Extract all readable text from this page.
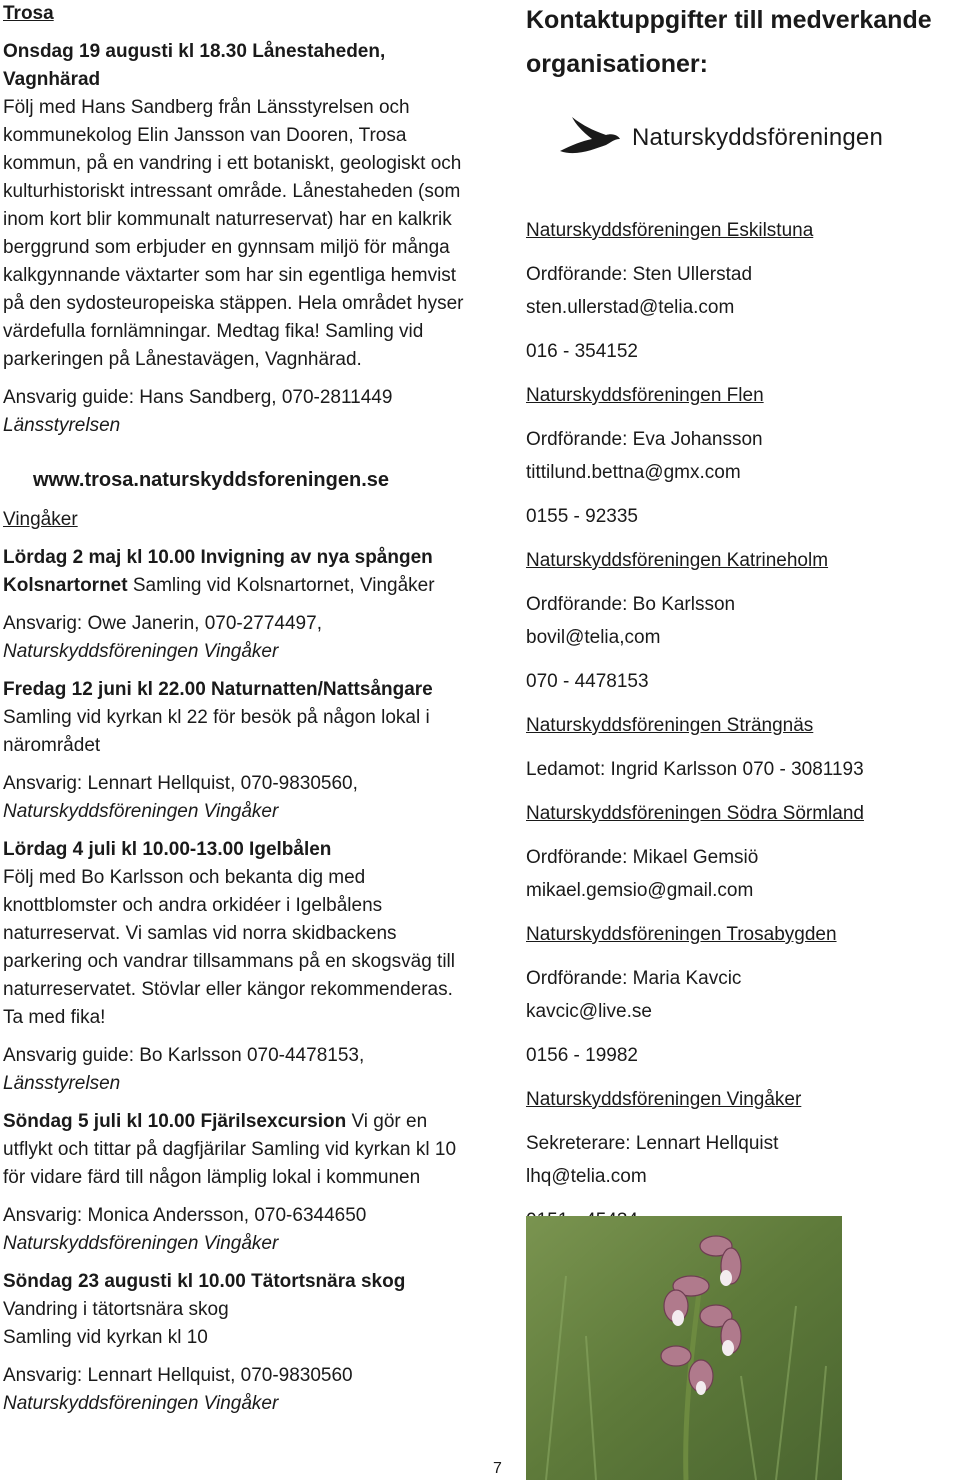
Trosa

Onsdag 19 augusti kl 18.30 Lånestaheden, Vagnhärad

Följ med Hans Sandberg från Länsstyrelsen och kommunekolog Elin Jansson van Dooren, Trosa kommun, på en vandring i ett botaniskt, geologiskt och kulturhistoriskt intressant område. Lånestaheden (som inom kort blir kommunalt naturreservat) har en kalkrik berggrund som erbjuder en gynnsam miljö för många kalkgynnande växtarter som har sin egentliga hemvist på den sydosteuropeiska stäppen. Hela området hyser värdefulla fornlämningar. Medtag fika! Samling vid parkeringen på Lånestavägen, Vagnhärad.

Ansvarig guide: Hans Sandberg, 070-2811449

Länsstyrelsen

www.trosa.naturskyddsforeningen.se

Vingåker

Lördag 2 maj kl 10.00 Invigning av nya spången Kolsnartornet Samling vid Kolsnartornet, Vingåker

Ansvarig: Owe Janerin, 070-2774497,

Naturskyddsföreningen Vingåker

Fredag 12 juni kl 22.00 Naturnatten/Nattsångare

Samling vid kyrkan kl 22 för besök på någon lokal i närområdet

Ansvarig: Lennart Hellquist, 070-9830560,

Naturskyddsföreningen Vingåker

Lördag 4 juli kl 10.00-13.00 Igelbålen

Följ med Bo Karlsson och bekanta dig med knottblomster och andra orkidéer i Igelbålens naturreservat. Vi samlas vid norra skidbackens parkering och vandrar tillsammans på en skogsväg till naturreservatet. Stövlar eller kängor rekommenderas. Ta med fika!

Ansvarig guide: Bo Karlsson 070-4478153,

Länsstyrelsen

Söndag 5 juli kl 10.00 Fjärilsexcursion Vi gör en utflykt och tittar på dagfjärilar Samling vid kyrkan kl 10 för vidare färd till någon lämplig lokal i kommunen

Ansvarig: Monica Andersson, 070-6344650

Naturskyddsföreningen Vingåker

Söndag 23 augusti kl 10.00 Tätortsnära skog

Vandring i tätortsnära skog

Samling vid kyrkan kl 10

Ansvarig: Lennart Hellquist, 070-9830560

Naturskyddsföreningen Vingåker

Kontaktuppgifter till medverkande
organisationer:
Naturskyddsföreningen
Naturskyddsföreningen Eskilstuna
Ordförande: Sten Ullerstad
sten.ullerstad@telia.com
016 - 354152
Naturskyddsföreningen Flen
Ordförande: Eva Johansson
tittilund.bettna@gmx.com
0155 - 92335
Naturskyddsföreningen Katrineholm
Ordförande: Bo Karlsson
bovil@telia,com
070 - 4478153
Naturskyddsföreningen Strängnäs
Ledamot: Ingrid Karlsson 070 - 3081193
Naturskyddsföreningen Södra Sörmland
Ordförande: Mikael Gemsiö
mikael.gemsio@gmail.com
Naturskyddsföreningen Trosabygden
Ordförande: Maria Kavcic
kavcic@live.se
0156 - 19982
Naturskyddsföreningen Vingåker
Sekreterare: Lennart Hellquist
lhq@telia.com
7
